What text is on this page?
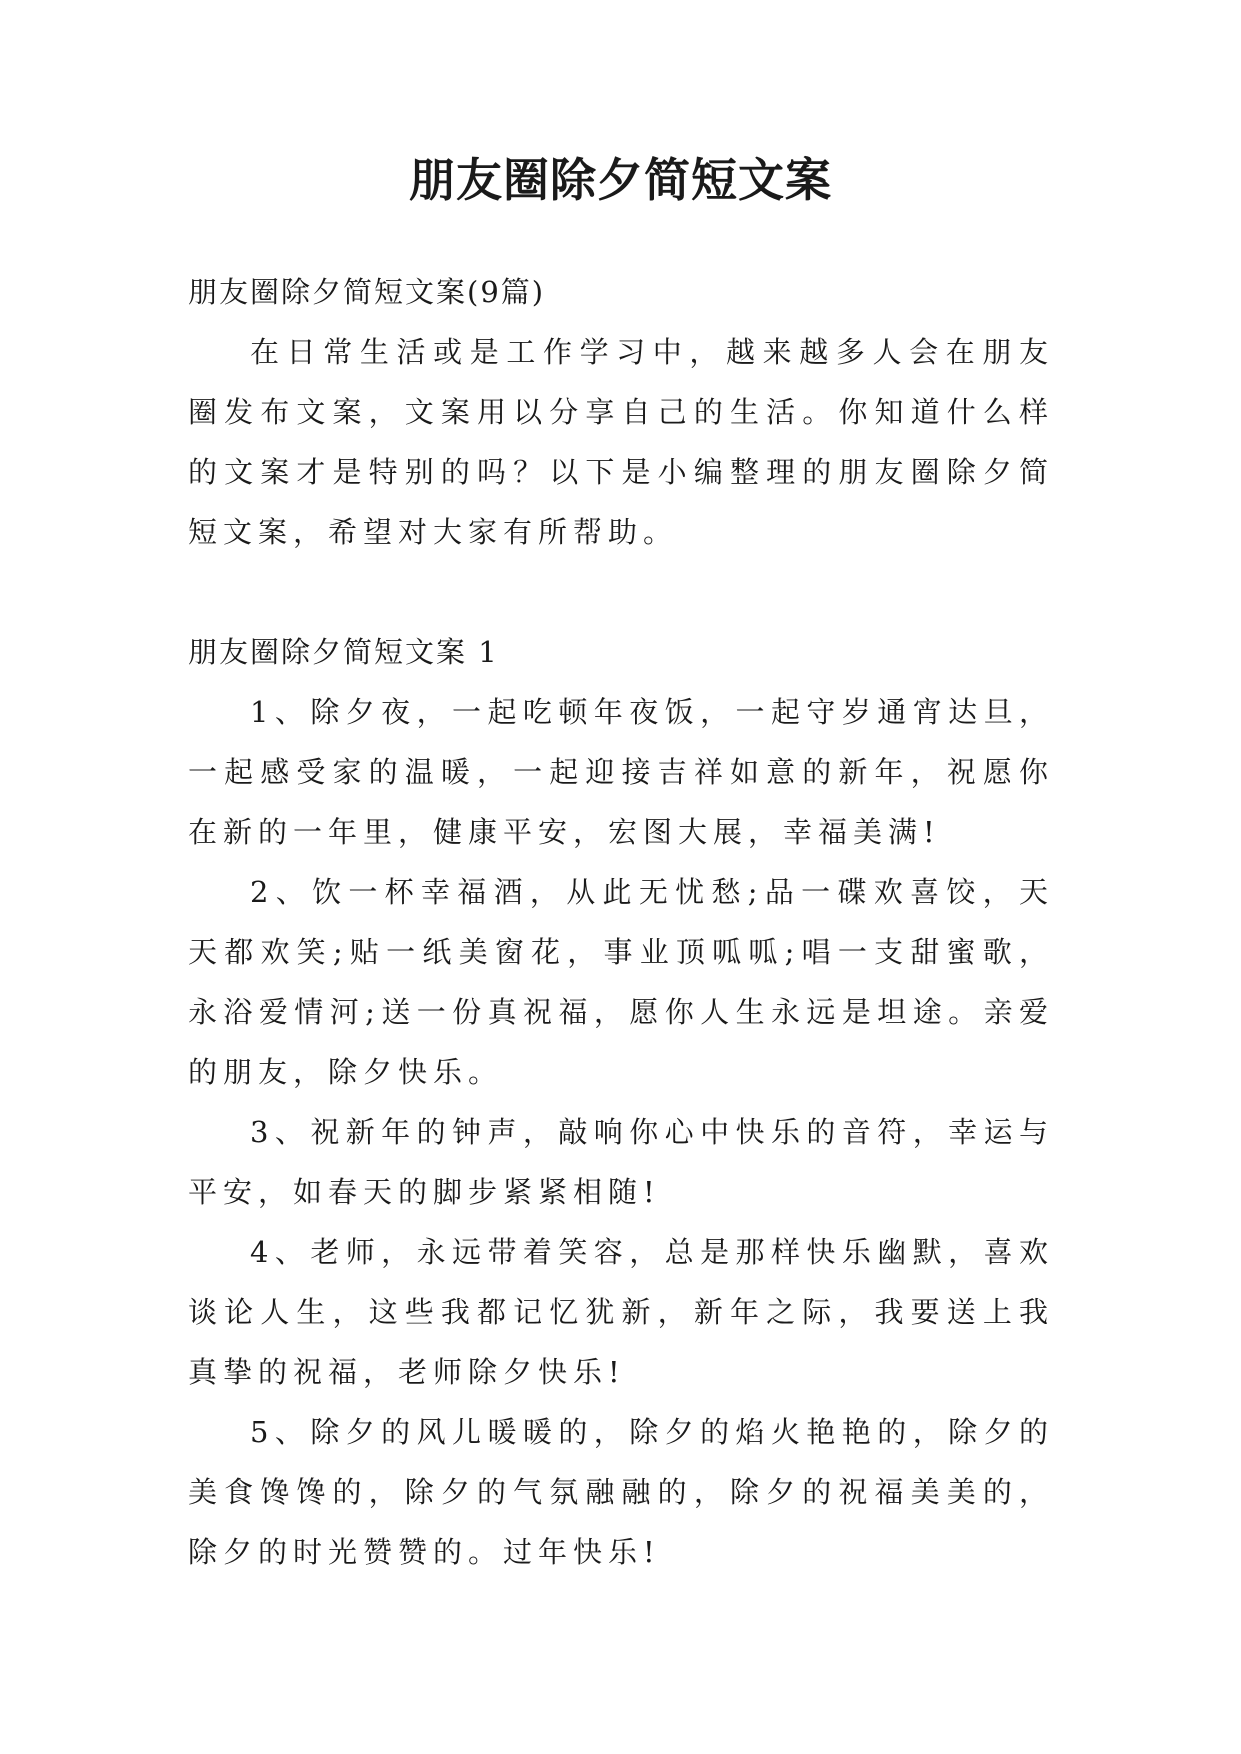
朋友圈除夕简短文案

朋友圈除夕简短文案(9篇)

在日常生活或是工作学习中，越来越多人会在朋友圈发布文案，文案用以分享自己的生活。你知道什么样的文案才是特别的吗？以下是小编整理的朋友圈除夕简短文案，希望对大家有所帮助。

朋友圈除夕简短文案 1

1、除夕夜，一起吃顿年夜饭，一起守岁通宵达旦，一起感受家的温暖，一起迎接吉祥如意的新年，祝愿你在新的一年里，健康平安，宏图大展，幸福美满!

2、饮一杯幸福酒，从此无忧愁;品一碟欢喜饺，天天都欢笑;贴一纸美窗花，事业顶呱呱;唱一支甜蜜歌，永浴爱情河;送一份真祝福，愿你人生永远是坦途。亲爱的朋友，除夕快乐。

3、祝新年的钟声，敲响你心中快乐的音符，幸运与平安，如春天的脚步紧紧相随!

4、老师，永远带着笑容，总是那样快乐幽默，喜欢谈论人生，这些我都记忆犹新，新年之际，我要送上我真挚的祝福，老师除夕快乐!

5、除夕的风儿暖暖的，除夕的焰火艳艳的，除夕的美食馋馋的，除夕的气氛融融的，除夕的祝福美美的，除夕的时光赞赞的。过年快乐!
